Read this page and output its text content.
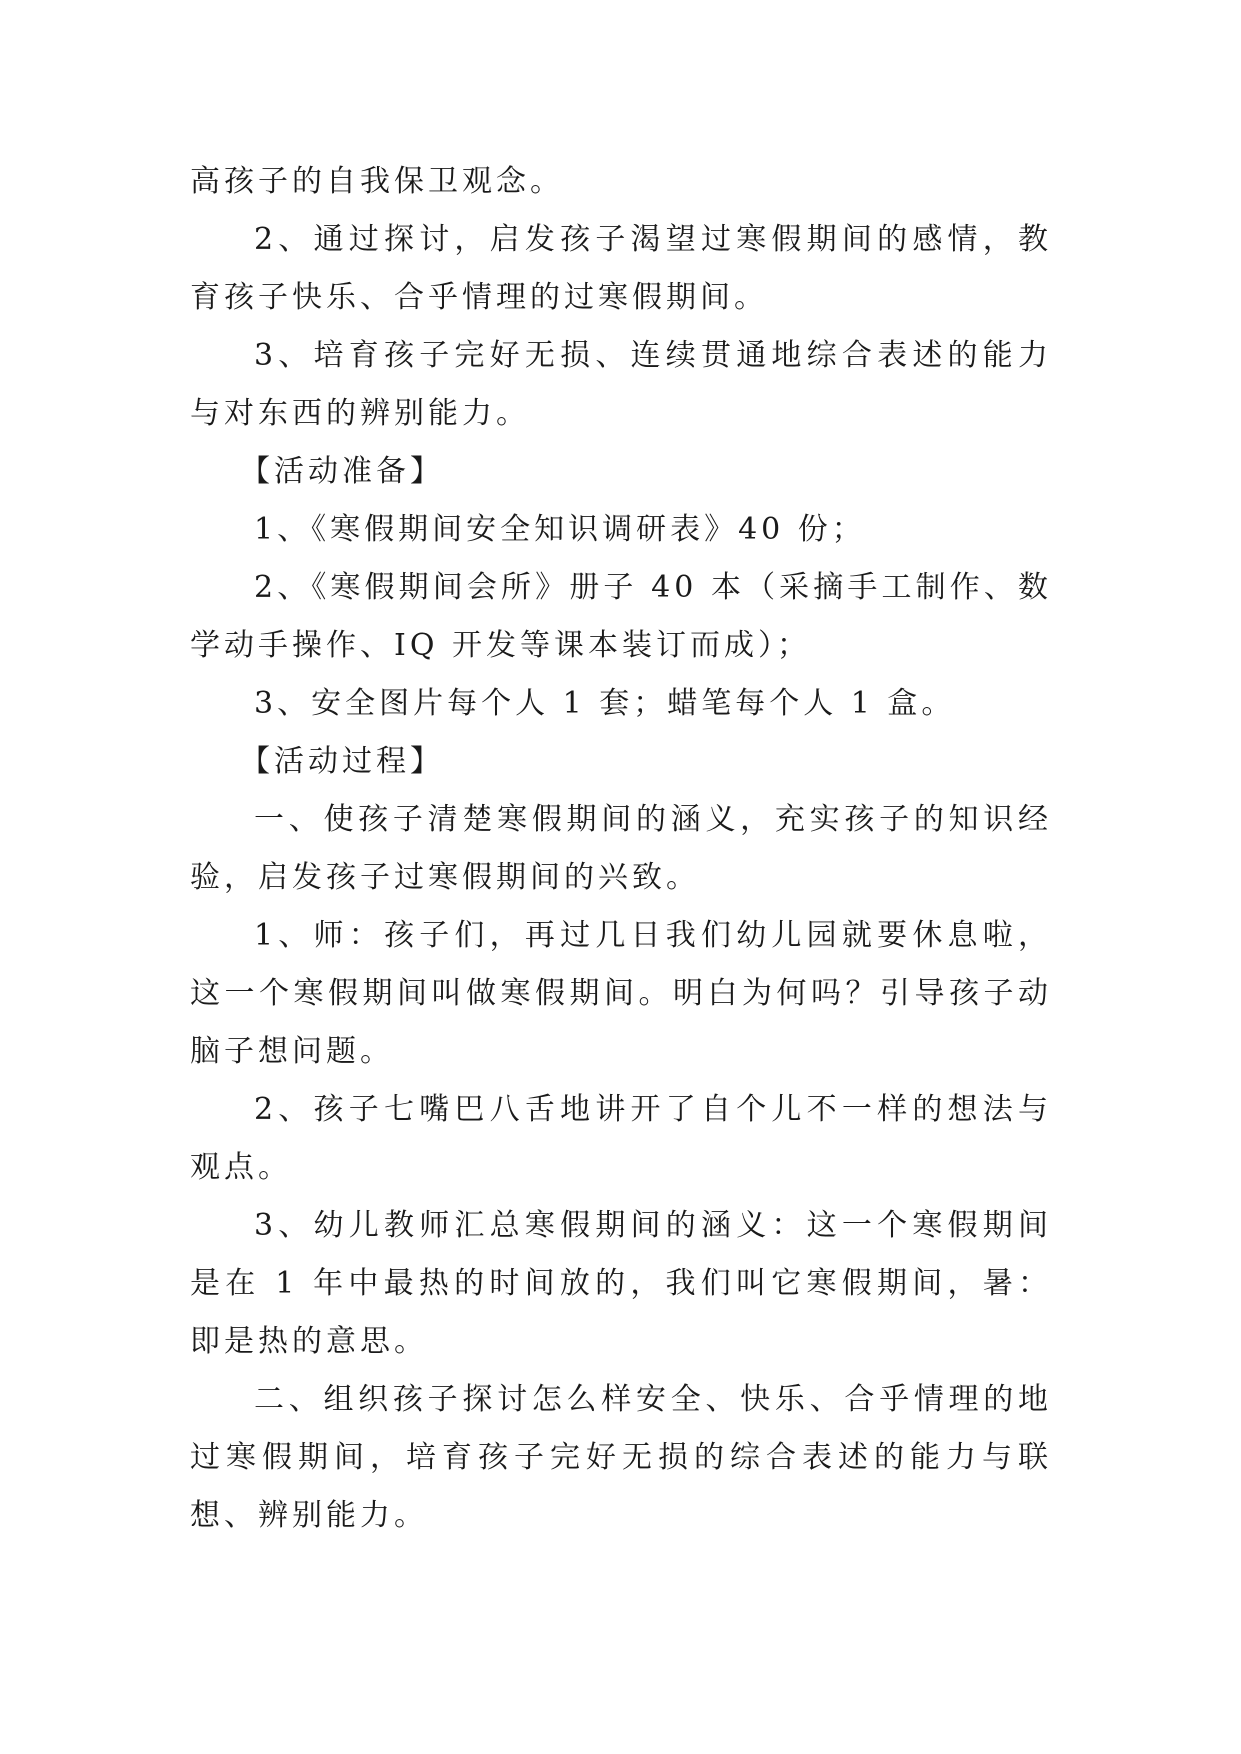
高孩子的自我保卫观念。

2、通过探讨，启发孩子渴望过寒假期间的感情，教育孩子快乐、合乎情理的过寒假期间。

3、培育孩子完好无损、连续贯通地综合表述的能力与对东西的辨别能力。

【活动准备】

1、《寒假期间安全知识调研表》40 份；

2、《寒假期间会所》册子 40 本（采摘手工制作、数学动手操作、IQ 开发等课本装订而成）；

3、安全图片每个人 1 套；蜡笔每个人 1 盒。

【活动过程】

一、使孩子清楚寒假期间的涵义，充实孩子的知识经验，启发孩子过寒假期间的兴致。

1、师：孩子们，再过几日我们幼儿园就要休息啦，这一个寒假期间叫做寒假期间。明白为何吗？引导孩子动脑子想问题。

2、孩子七嘴巴八舌地讲开了自个儿不一样的想法与观点。

3、幼儿教师汇总寒假期间的涵义：这一个寒假期间是在 1 年中最热的时间放的，我们叫它寒假期间，暑：即是热的意思。

二、组织孩子探讨怎么样安全、快乐、合乎情理的地过寒假期间，培育孩子完好无损的综合表述的能力与联想、辨别能力。
